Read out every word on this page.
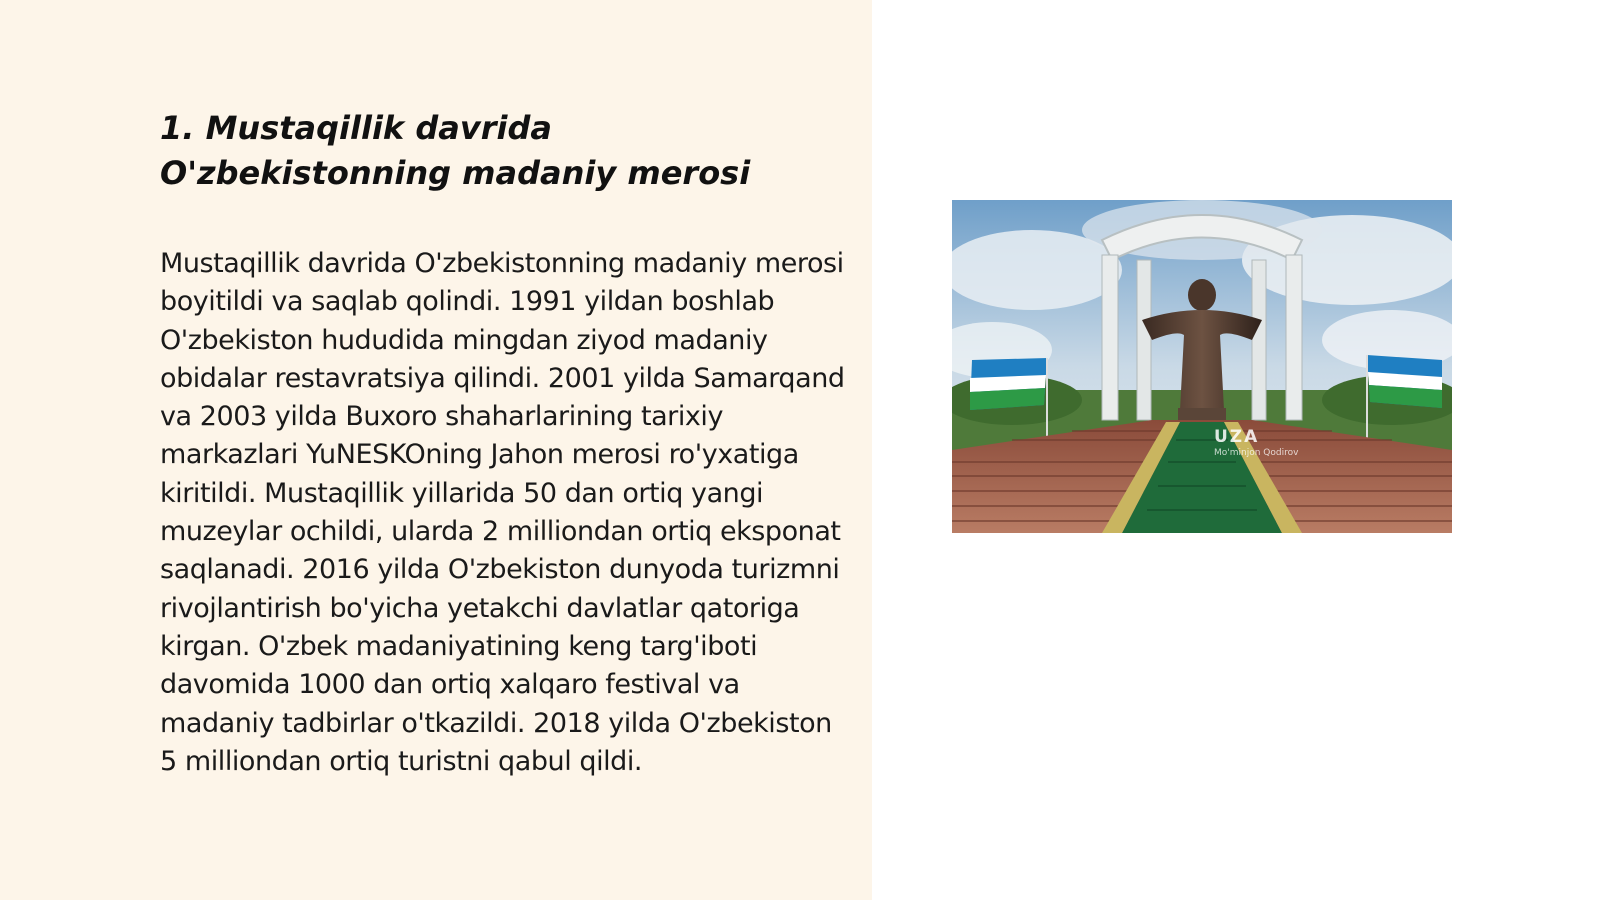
1. Mustaqillik davrida
O'zbekistonning madaniy merosi

Mustaqillik davrida O'zbekistonning madaniy merosi boyitildi va saqlab qolindi. 1991 yildan boshlab O'zbekiston hududida mingdan ziyod madaniy obidalar restavratsiya qilindi. 2001 yilda Samarqand va 2003 yilda Buxoro shaharlarining tarixiy markazlari YuNESKOning Jahon merosi ro'yxatiga kiritildi. Mustaqillik yillarida 50 dan ortiq yangi muzeylar ochildi, ularda 2 milliondan ortiq eksponat saqlanadi. 2016 yilda O'zbekiston dunyoda turizmni rivojlantirish bo'yicha yetakchi davlatlar qatoriga kirgan. O'zbek madaniyatining keng targ'iboti davomida 1000 dan ortiq xalqaro festival va madaniy tadbirlar o'tkazildi. 2018 yilda O'zbekiston 5 milliondan ortiq turistni qabul qildi.

UZA
Mo'minjon Qodirov
